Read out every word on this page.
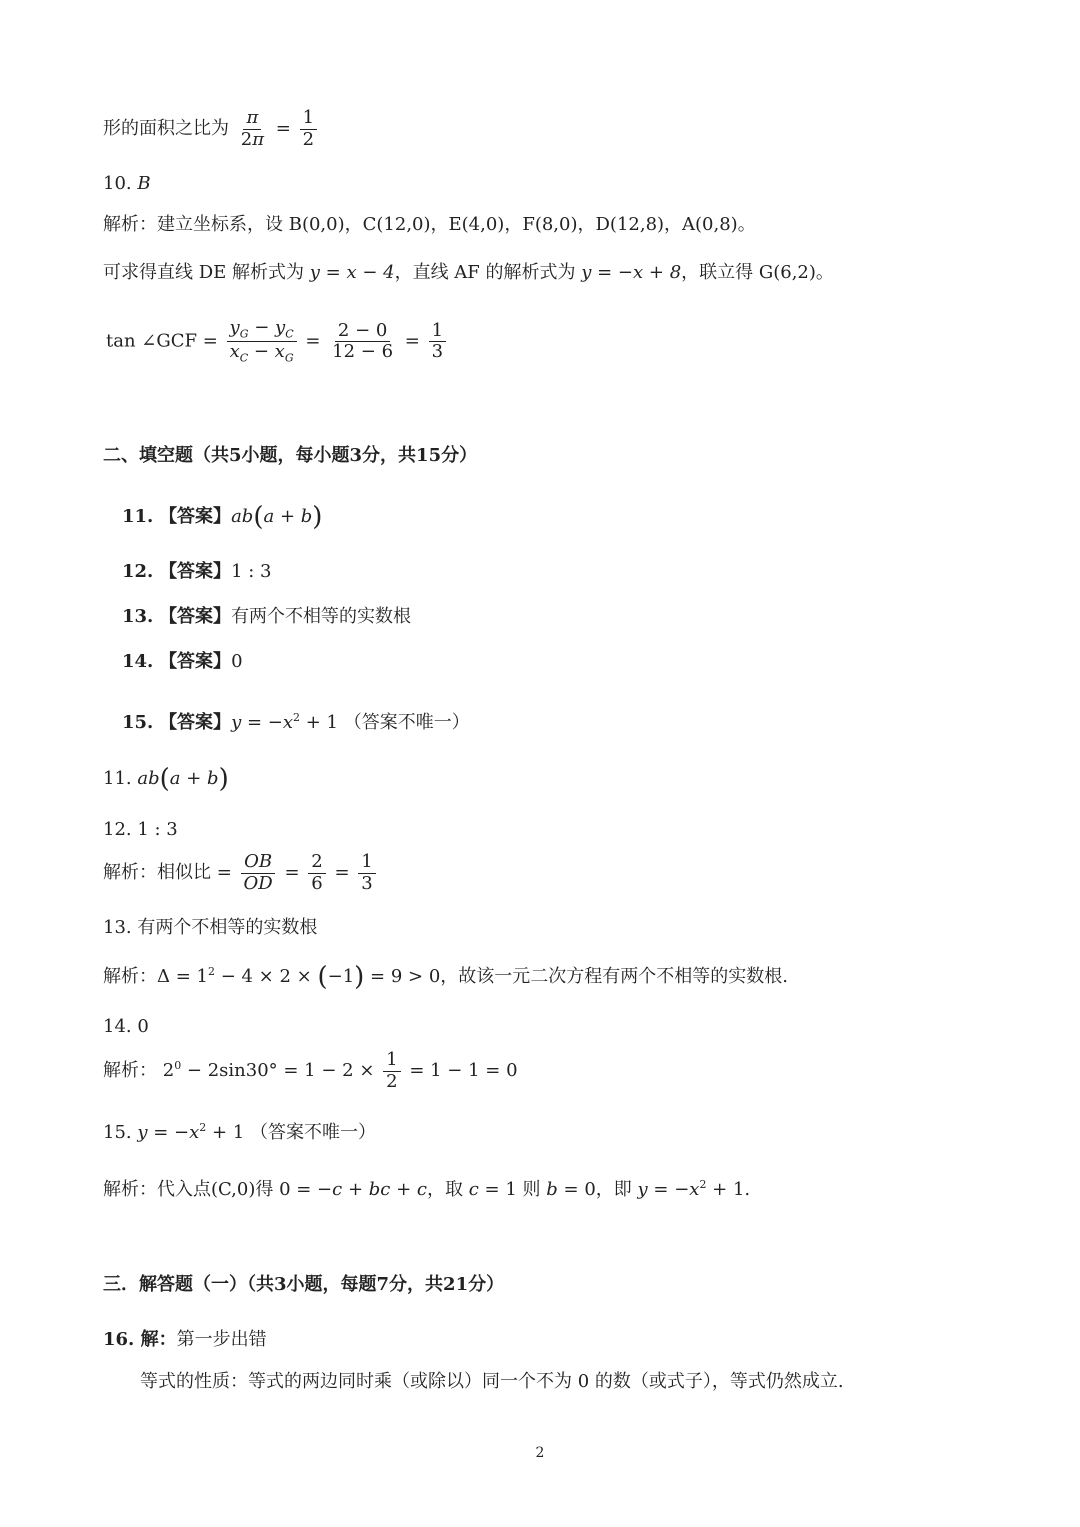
形的面积之比为 $\frac{\pi}{2\pi} = \frac{1}{2}$
10. B
解析：建立坐标系，设 B(0,0)，C(12,0)，E(4,0)，F(8,0)，D(12,8)，A(0,8)。
可求得直线 DE 解析式为 y = x − 4，直线 AF 的解析式为 y = −x + 8，联立得 G(6,2)。
tan ∠GCF = $\frac{y_G - y_C}{x_C - x_G} = \frac{2 - 0}{12 - 6} = \frac{1}{3}$
二、填空题（共5小题，每小题3分，共15分）
11. 【答案】ab(a + b)
12. 【答案】1 : 3
13. 【答案】有两个不相等的实数根
14. 【答案】0
15. 【答案】$y = -x^2 + 1$ （答案不唯一）
11. ab(a + b)
12. 1 : 3
解析：相似比 = $\frac{OB}{OD} = \frac{2}{6} = \frac{1}{3}$
13. 有两个不相等的实数根
解析：$\Delta = 1^2 - 4 \times 2 \times (-1) = 9 > 0$，故该一元二次方程有两个不相等的实数根.
14. 0
解析： $2^0 - 2\sin 30^\circ = 1 - 2 \times \frac{1}{2} = 1 - 1 = 0$
15. $y = -x^2 + 1$ （答案不唯一）
解析：代入点(C,0)得 0 = −c + bc + c，取 c = 1 则 b = 0，即 $y = -x^2 + 1$.
三．解答题（一）（共3小题，每题7分，共21分）
16. 解：第一步出错
等式的性质：等式的两边同时乘（或除以）同一个不为 0 的数（或式子），等式仍然成立.
2
